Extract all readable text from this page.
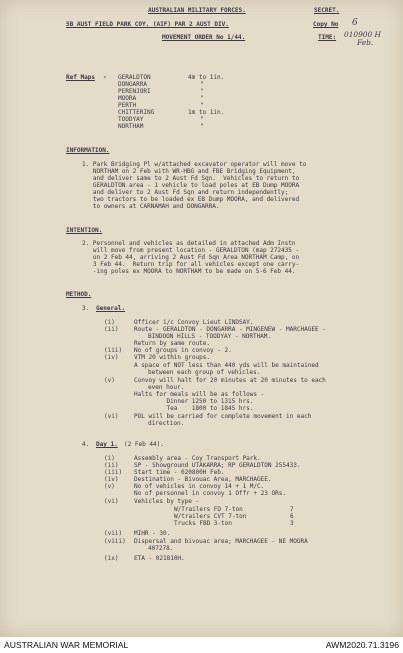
AUSTRALIAN MILITARY FORCES.	SECRET.
5B AUST FIELD PARK COY. (AIF) PAR 2 AUST DIV.	Copy No 6
MOVEMENT ORDER No 1/44.	TIME: 010900 H
Feb.
Ref Maps - GERALDTON	4m to 1in.
DONGARRA	"
PERENJORI	"
MOORA	"
PERTH	"
CHITTERING	1m to 1in.
TOODYAY	"
NORTHAM	"
INFORMATION.
1. Park Bridging Pl w/attached excavator operator will move to
NORTHAM on 2 Feb with WR-HBG and FBE Bridging Equipment,
and deliver same to 2 Aust Fd Sqn.  Vehicles to return to
GERALDTON area - 1 vehicle to load poles at EB Dump MOORA
and deliver to 2 Aust Fd Sqn and return independently;
two tractors to be loaded ex EB Dump MOORA, and delivered
to owners at CARNAMAH and DONGARRA.
INTENTION.
2. Personnel and vehicles as detailed in attached Adm Instn
will move from present location - GERALDTON (map 272435 -
on 2 Feb 44, arriving 2 Aust Fd Sqn Area NORTHAM Camp, on
3 Feb 44.  Return trip for all vehicles except one carry-
-ing poles ex MOORA to NORTHAM to be made on 5-6 Feb 44.
METHOD.
3. General.
(i)	Officer i/c Convoy Lieut LINDSAY.
(ii)	Route - GERALDTON - DONGARRA - MINGENEW - MARCHAGEE -
BINDOON HILLS - TOODYAY - NORTHAM.
Return by same route.
(iii) No of groups in convoy - 2.
(iv)	VTM 20 within groups.
A space of NOT less than 440 yds will be maintained
between each group of vehicles.
(v)	Convoy will halt for 20 minutes at 20 minutes to each
even hour.
Halts for meals will be as follows -
Dinner 1250 to 1315 hrs.
Tea    1800 to 1845 hrs.
(vi)	POL will be carried for complete movement in each
direction.
4. Day 1. (2 Feb 44).
(i)	Assembly area - Coy Transport Park.
(ii)	SP - Showground UTAKARRA; RP GERALDTON 255433.
(iii) Start time - 020800H Feb.
(iv)	Destination - Bivouac Area, MARCHAGEE.
(v)	No of vehicles in convoy 14 + 1 M/C.
No of personnel in convoy 1 Offr + 23 ORs.
(vi)	Vehicles by type -
W/Trailers FD 7-ton	7
W/trailers CVT 7-ton	6
Trucks FBD 3-ton	3
(vii) MIHR - 30.
(viii) Dispersal and bivouac area; MARCHAGEE - NE MOORA
407278.
(ix)	ETA - 021810H.
AUSTRALIAN WAR MEMORIAL	AWM2020.71.3196
